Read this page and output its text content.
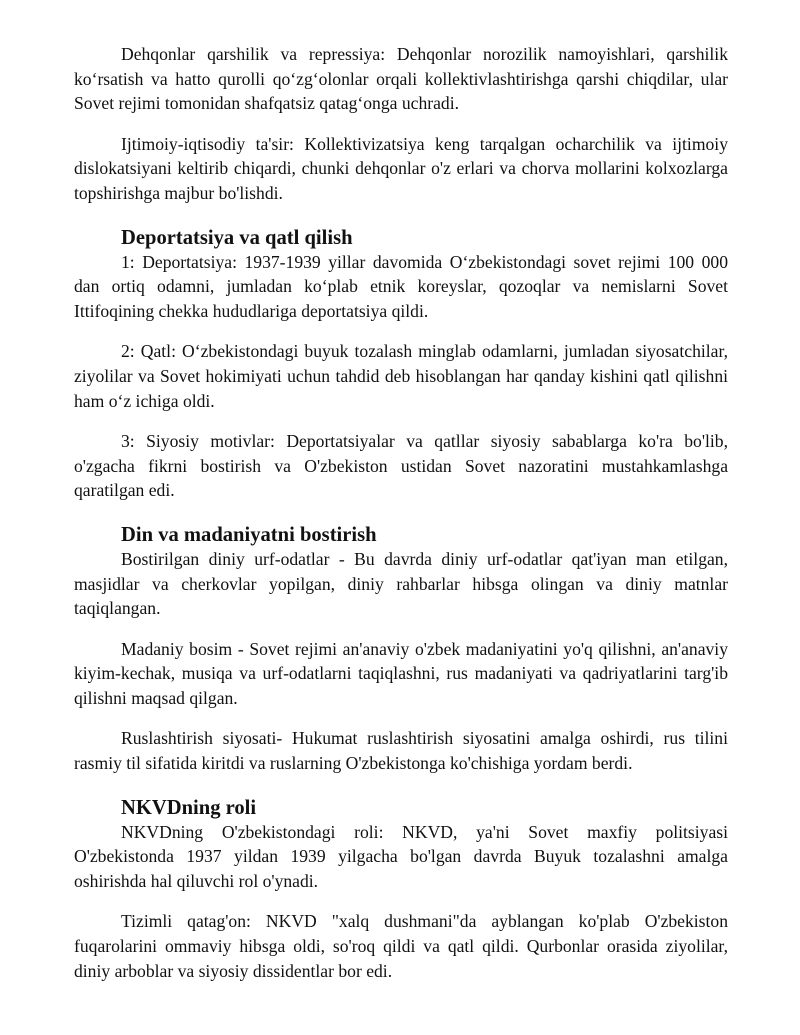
Dehqonlar qarshilik va repressiya: Dehqonlar norozilik namoyishlari, qarshilik koʻrsatish va hatto qurolli qoʻzgʻolonlar orqali kollektivlashtirishga qarshi chiqdilar, ular Sovet rejimi tomonidan shafqatsiz qatagʻonga uchradi.

Ijtimoiy-iqtisodiy ta'sir: Kollektivizatsiya keng tarqalgan ocharchilik va ijtimoiy dislokatsiyani keltirib chiqardi, chunki dehqonlar o'z erlari va chorva mollarini kolxozlarga topshirishga majbur bo'lishdi.

Deportatsiya va qatl qilish

1: Deportatsiya: 1937-1939 yillar davomida Oʻzbekistondagi sovet rejimi 100 000 dan ortiq odamni, jumladan koʻplab etnik koreyslar, qozoqlar va nemislarni Sovet Ittifoqining chekka hududlariga deportatsiya qildi.

2: Qatl: Oʻzbekistondagi buyuk tozalash minglab odamlarni, jumladan siyosatchilar, ziyolilar va Sovet hokimiyati uchun tahdid deb hisoblangan har qanday kishini qatl qilishni ham oʻz ichiga oldi.

3: Siyosiy motivlar: Deportatsiyalar va qatllar siyosiy sabablarga ko'ra bo'lib, o'zgacha fikrni bostirish va O'zbekiston ustidan Sovet nazoratini mustahkamlashga qaratilgan edi.

Din va madaniyatni bostirish

Bostirilgan diniy urf-odatlar - Bu davrda diniy urf-odatlar qat'iyan man etilgan, masjidlar va cherkovlar yopilgan, diniy rahbarlar hibsga olingan va diniy matnlar taqiqlangan.

Madaniy bosim - Sovet rejimi an'anaviy o'zbek madaniyatini yo'q qilishni, an'anaviy kiyim-kechak, musiqa va urf-odatlarni taqiqlashni, rus madaniyati va qadriyatlarini targ'ib qilishni maqsad qilgan.

Ruslashtirish siyosati- Hukumat ruslashtirish siyosatini amalga oshirdi, rus tilini rasmiy til sifatida kiritdi va ruslarning O'zbekistonga ko'chishiga yordam berdi.

NKVDning roli

NKVDning O'zbekistondagi roli: NKVD, ya'ni Sovet maxfiy politsiyasi O'zbekistonda 1937 yildan 1939 yilgacha bo'lgan davrda Buyuk tozalashni amalga oshirishda hal qiluvchi rol o'ynadi.

Tizimli qatag'on: NKVD "xalq dushmani"da ayblangan ko'plab O'zbekiston fuqarolarini ommaviy hibsga oldi, so'roq qildi va qatl qildi. Qurbonlar orasida ziyolilar, diniy arboblar va siyosiy dissidentlar bor edi.
